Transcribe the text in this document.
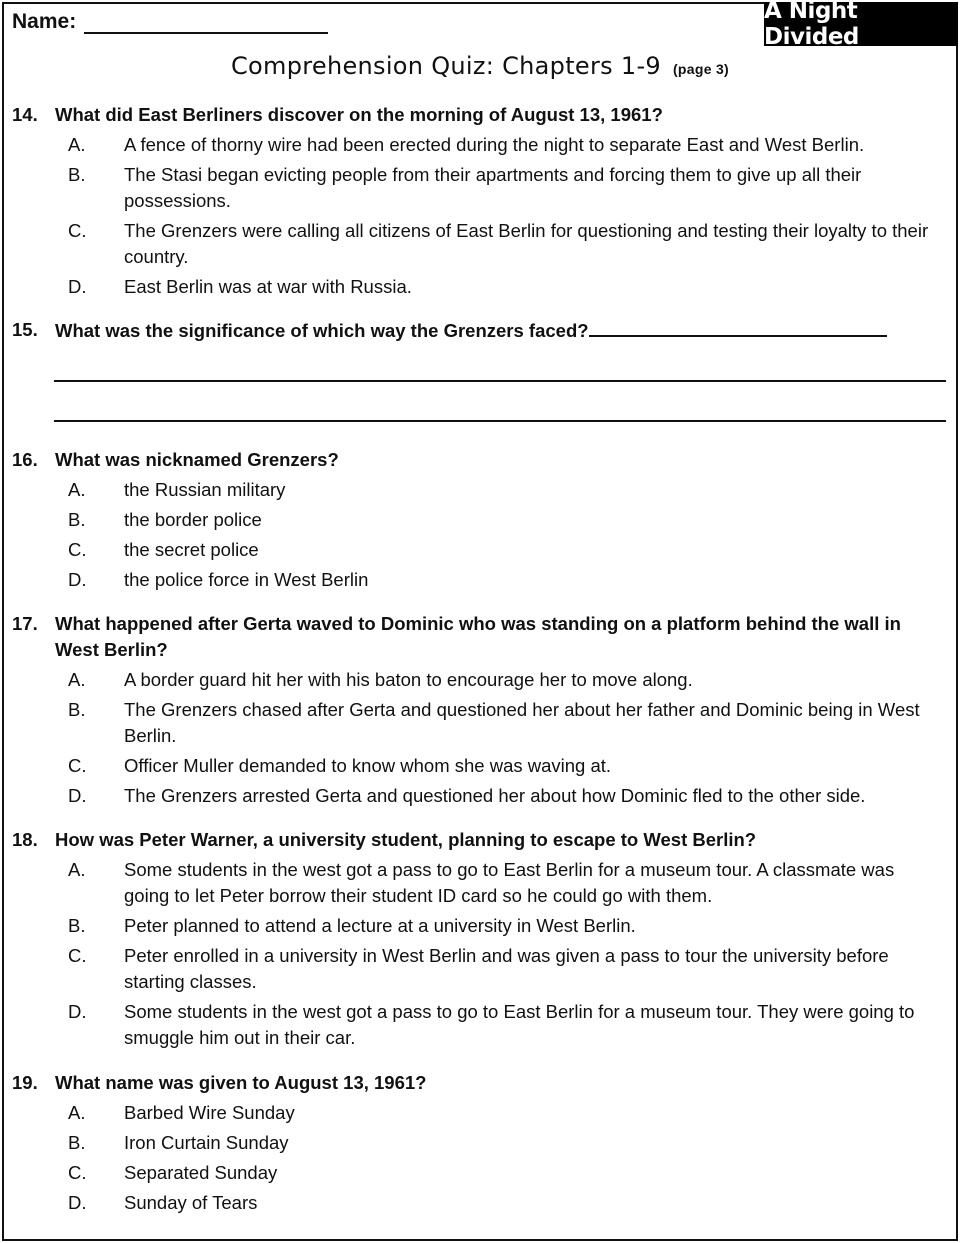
Name:	A Night Divided
Comprehension Quiz: Chapters 1-9 (page 3)
14. What did East Berliners discover on the morning of August 13, 1961?
A.	A fence of thorny wire had been erected during the night to separate East and West Berlin.
B.	The Stasi began evicting people from their apartments and forcing them to give up all their possessions.
C.	The Grenzers were calling all citizens of East Berlin for questioning and testing their loyalty to their country.
D.	East Berlin was at war with Russia.
15. What was the significance of which way the Grenzers faced?
16. What was nicknamed Grenzers?
A.	the Russian military
B.	the border police
C.	the secret police
D.	the police force in West Berlin
17. What happened after Gerta waved to Dominic who was standing on a platform behind the wall in West Berlin?
A.	A border guard hit her with his baton to encourage her to move along.
B.	The Grenzers chased after Gerta and questioned her about her father and Dominic being in West Berlin.
C.	Officer Muller demanded to know whom she was waving at.
D.	The Grenzers arrested Gerta and questioned her about how Dominic fled to the other side.
18. How was Peter Warner, a university student, planning to escape to West Berlin?
A.	Some students in the west got a pass to go to East Berlin for a museum tour. A classmate was going to let Peter borrow their student ID card so he could go with them.
B.	Peter planned to attend a lecture at a university in West Berlin.
C.	Peter enrolled in a university in West Berlin and was given a pass to tour the university before starting classes.
D.	Some students in the west got a pass to go to East Berlin for a museum tour. They were going to smuggle him out in their car.
19. What name was given to August 13, 1961?
A.	Barbed Wire Sunday
B.	Iron Curtain Sunday
C.	Separated Sunday
D.	Sunday of Tears
